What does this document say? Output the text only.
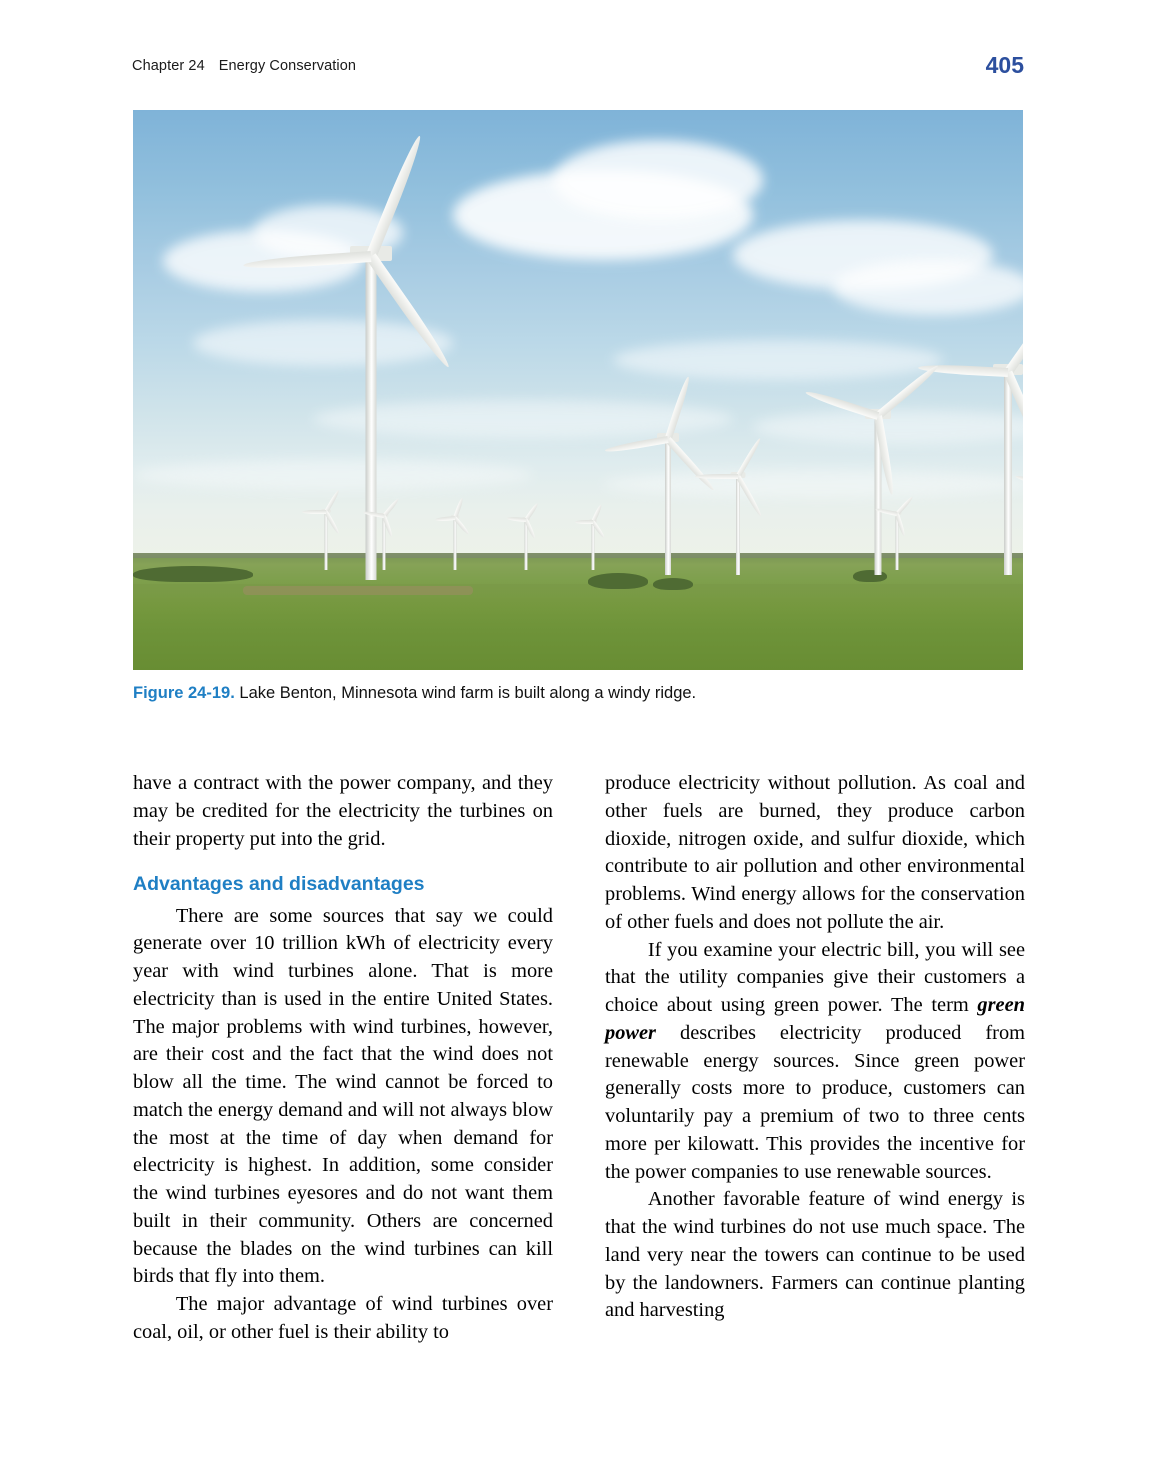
Chapter 24 Energy Conservation	405
Figure 24-19. Lake Benton, Minnesota wind farm is built along a windy ridge.

have a contract with the power company, and they may be credited for the electricity the turbines on their property put into the grid.

Advantages and disadvantages

There are some sources that say we could generate over 10 trillion kWh of electricity every year with wind turbines alone. That is more electricity than is used in the entire United States. The major problems with wind turbines, however, are their cost and the fact that the wind does not blow all the time. The wind cannot be forced to match the energy demand and will not always blow the most at the time of day when demand for electricity is highest. In addition, some consider the wind turbines eyesores and do not want them built in their community. Others are concerned because the blades on the wind turbines can kill birds that fly into them.

The major advantage of wind turbines over coal, oil, or other fuel is their ability to

produce electricity without pollution. As coal and other fuels are burned, they produce carbon dioxide, nitrogen oxide, and sulfur dioxide, which contribute to air pollution and other environmental problems. Wind energy allows for the conservation of other fuels and does not pollute the air.

If you examine your electric bill, you will see that the utility companies give their customers a choice about using green power. The term green power describes electricity produced from renewable energy sources. Since green power generally costs more to produce, customers can voluntarily pay a premium of two to three cents more per kilowatt. This provides the incentive for the power companies to use renewable sources.

Another favorable feature of wind energy is that the wind turbines do not use much space. The land very near the towers can continue to be used by the landowners. Farmers can continue planting and harvesting
